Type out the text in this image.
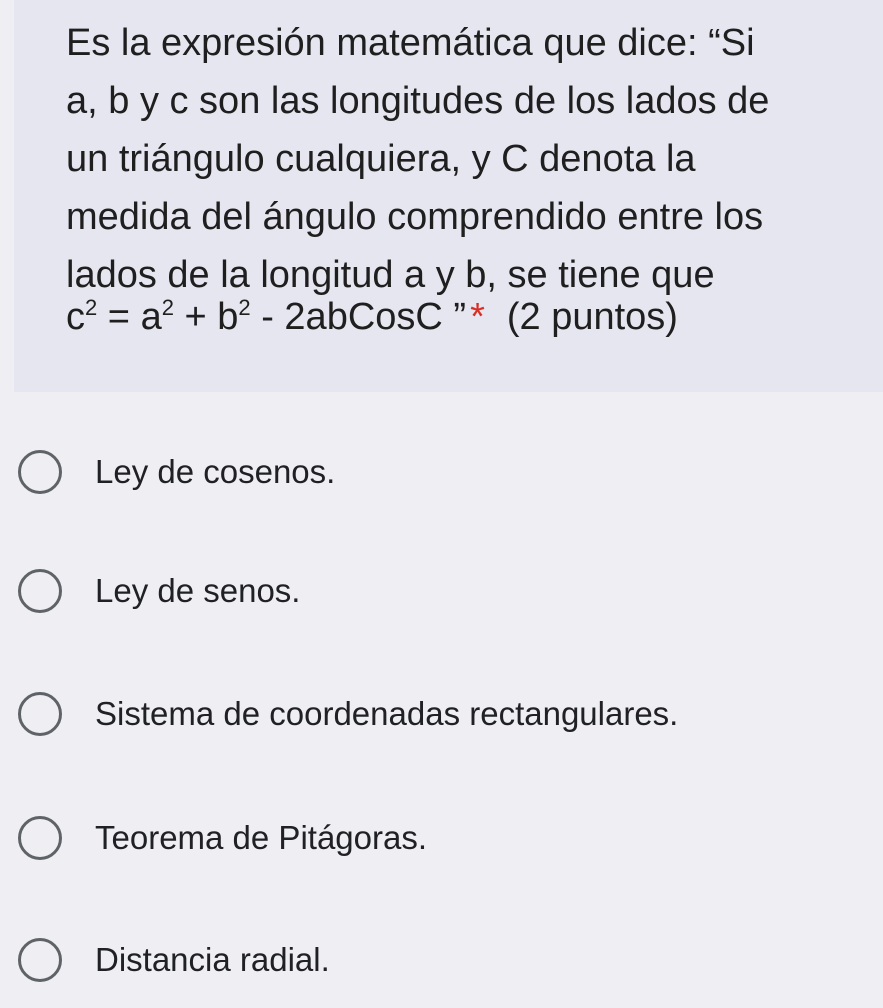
Es la expresión matemática que dice: “Si
a, b y c son las longitudes de los lados de
un triángulo cualquiera, y C denota la
medida del ángulo comprendido entre los
lados de la longitud a y b, se tiene que

$c^2 = a^2 + b^2$ - 2abCosC ” * (2 puntos)
Ley de cosenos.
Ley de senos.
Sistema de coordenadas rectangulares.
Teorema de Pitágoras.
Distancia radial.
